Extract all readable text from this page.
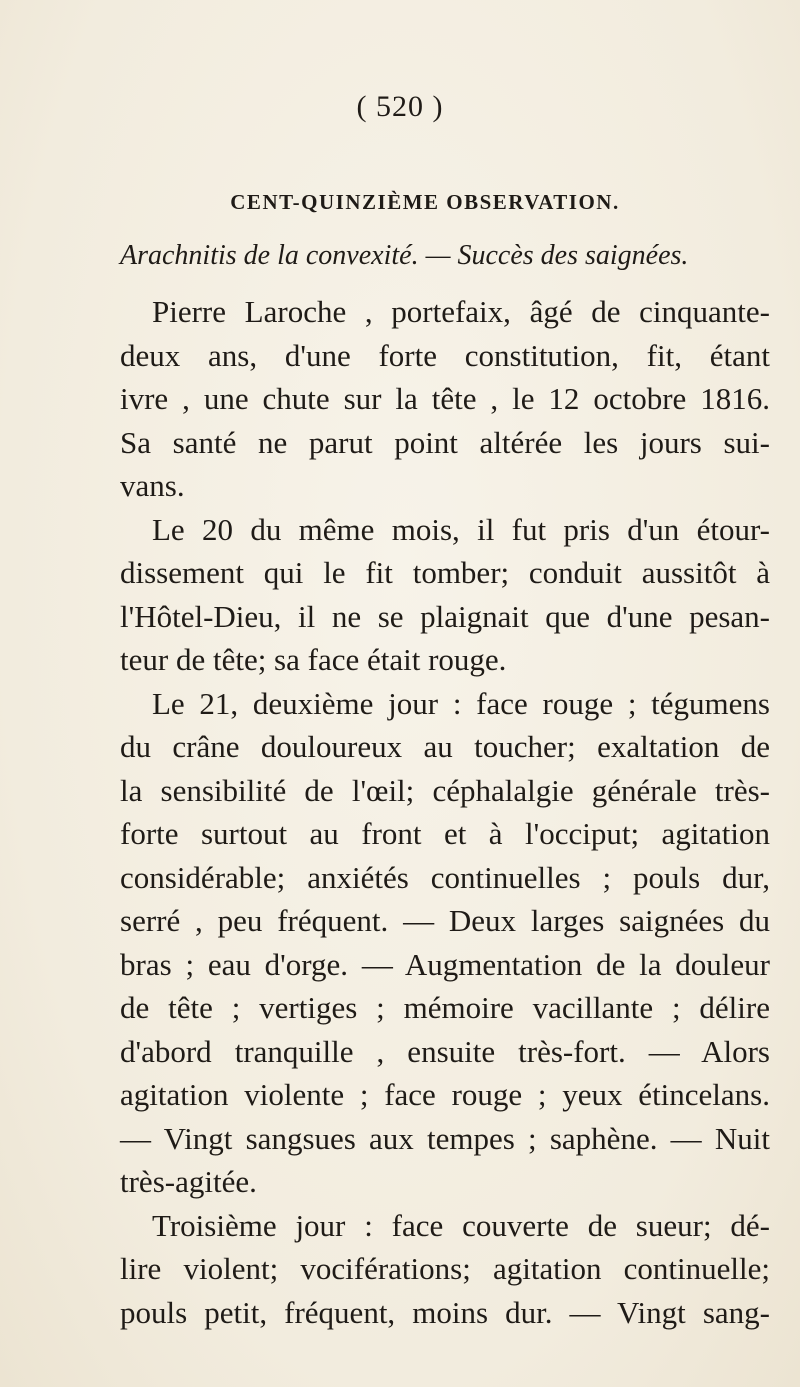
( 520 )
CENT-QUINZIÈME OBSERVATION.
Arachnitis de la convexité. — Succès des saignées.
Pierre Laroche , portefaix, âgé de cinquante-
deux ans, d'une forte constitution, fit, étant
ivre , une chute sur la tête , le 12 octobre 1816.
Sa santé ne parut point altérée les jours sui-
vans.
Le 20 du même mois, il fut pris d'un étour-
dissement qui le fit tomber; conduit aussitôt à
l'Hôtel-Dieu, il ne se plaignait que d'une pesan-
teur de tête; sa face était rouge.
Le 21, deuxième jour : face rouge ; tégumens
du crâne douloureux au toucher; exaltation de
la sensibilité de l'œil; céphalalgie générale très-
forte surtout au front et à l'occiput; agitation
considérable; anxiétés continuelles ; pouls dur,
serré , peu fréquent. — Deux larges saignées du
bras ; eau d'orge. — Augmentation de la douleur
de tête ; vertiges ; mémoire vacillante ; délire
d'abord tranquille , ensuite très-fort. — Alors
agitation violente ; face rouge ; yeux étincelans.
— Vingt sangsues aux tempes ; saphène. — Nuit
très-agitée.
Troisième jour : face couverte de sueur; dé-
lire violent; vociférations; agitation continuelle;
pouls petit, fréquent, moins dur. — Vingt sang-
